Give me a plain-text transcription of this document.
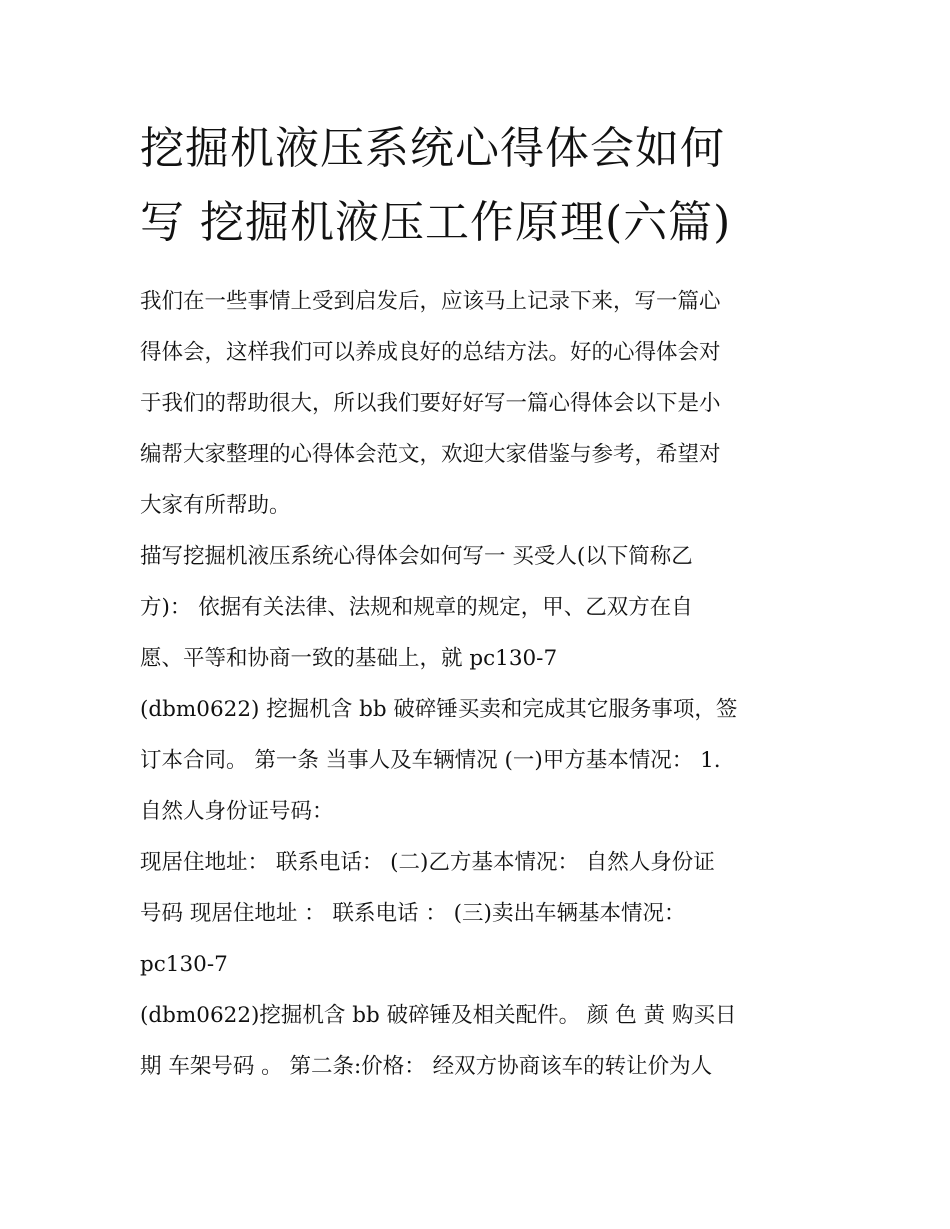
挖掘机液压系统心得体会如何
写 挖掘机液压工作原理(六篇)

我们在一些事情上受到启发后，应该马上记录下来，写一篇心
得体会，这样我们可以养成良好的总结方法。好的心得体会对
于我们的帮助很大，所以我们要好好写一篇心得体会以下是小
编帮大家整理的心得体会范文，欢迎大家借鉴与参考，希望对
大家有所帮助。

描写挖掘机液压系统心得体会如何写一 买受人(以下简称乙
方)： 依据有关法律、法规和规章的规定，甲、乙双方在自
愿、平等和协商一致的基础上，就 pc130-7

(dbm0622) 挖掘机含 bb 破碎锤买卖和完成其它服务事项，签
订本合同。 第一条 当事人及车辆情况 (一)甲方基本情况： 1.
自然人身份证号码：

现居住地址： 联系电话： (二)乙方基本情况： 自然人身份证
号码 现居住地址 ： 联系电话 ： (三)卖出车辆基本情况：
pc130-7

(dbm0622)挖掘机含 bb 破碎锤及相关配件。 颜 色 黄 购买日
期 车架号码 。 第二条:价格： 经双方协商该车的转让价为人
